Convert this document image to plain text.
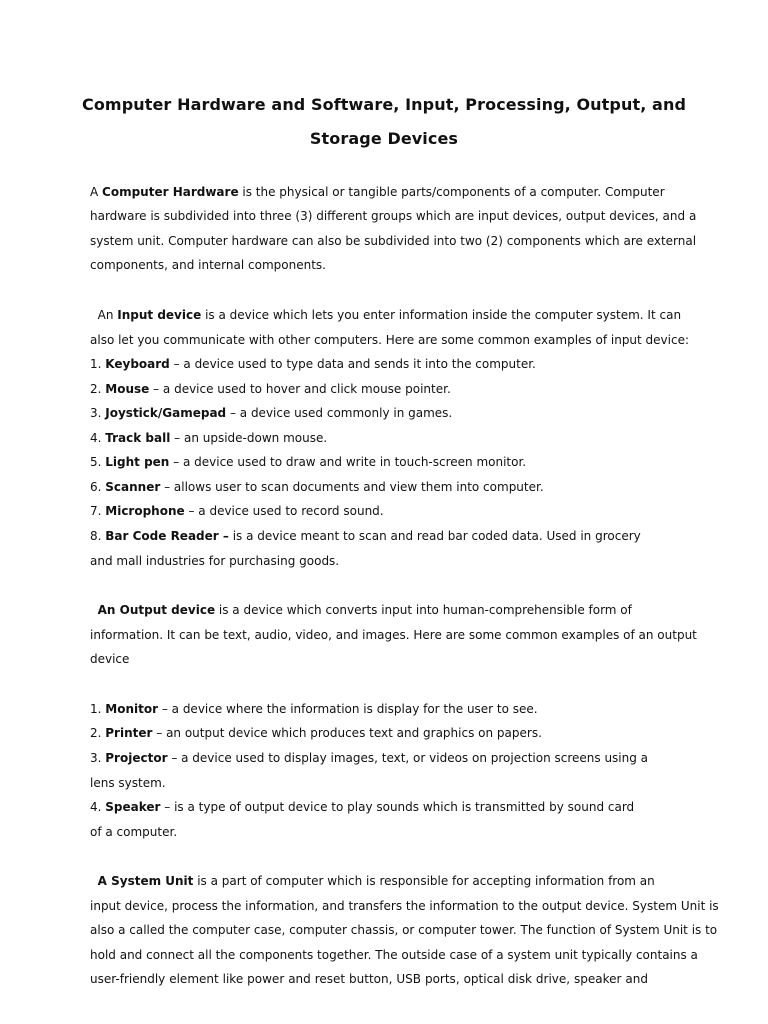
Computer Hardware and Software, Input, Processing, Output, and
Storage Devices
A Computer Hardware is the physical or tangible parts/components of a computer. Computer
hardware is subdivided into three (3) different groups which are input devices, output devices, and a
system unit. Computer hardware can also be subdivided into two (2) components which are external
components, and internal components.
An Input device is a device which lets you enter information inside the computer system. It can
also let you communicate with other computers. Here are some common examples of input device:
1. Keyboard – a device used to type data and sends it into the computer.
2. Mouse – a device used to hover and click mouse pointer.
3. Joystick/Gamepad – a device used commonly in games.
4. Track ball – an upside-down mouse.
5. Light pen – a device used to draw and write in touch-screen monitor.
6. Scanner – allows user to scan documents and view them into computer.
7. Microphone – a device used to record sound.
8. Bar Code Reader – is a device meant to scan and read bar coded data. Used in grocery
and mall industries for purchasing goods.
An Output device is a device which converts input into human-comprehensible form of
information. It can be text, audio, video, and images. Here are some common examples of an output
device
1. Monitor – a device where the information is display for the user to see.
2. Printer – an output device which produces text and graphics on papers.
3. Projector – a device used to display images, text, or videos on projection screens using a
lens system.
4. Speaker – is a type of output device to play sounds which is transmitted by sound card
of a computer.
A System Unit is a part of computer which is responsible for accepting information from an
input device, process the information, and transfers the information to the output device. System Unit is
also a called the computer case, computer chassis, or computer tower. The function of System Unit is to
hold and connect all the components together. The outside case of a system unit typically contains a
user-friendly element like power and reset button, USB ports, optical disk drive, speaker and
